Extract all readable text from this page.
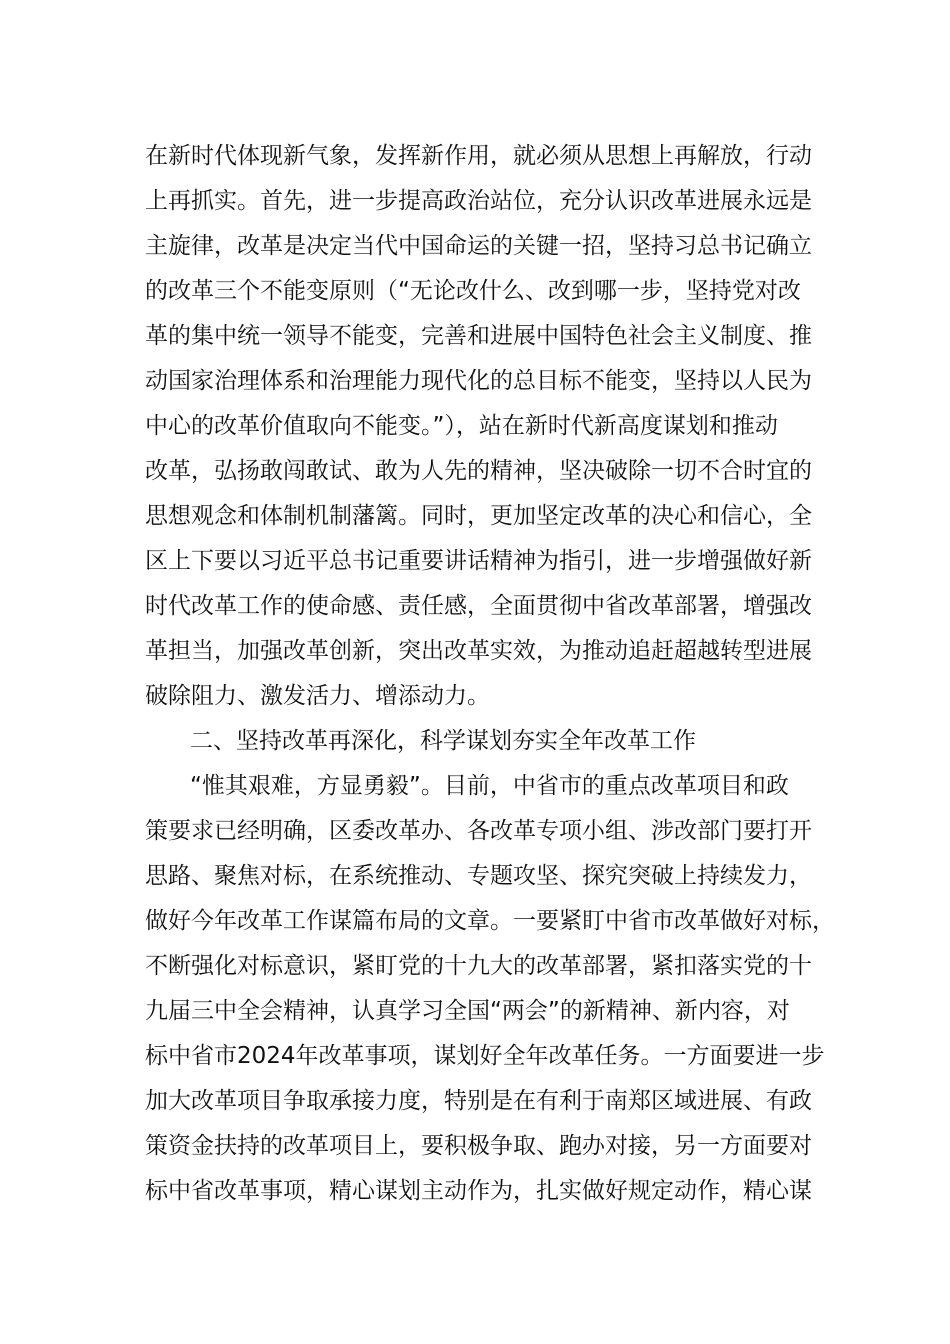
在新时代体现新气象，发挥新作用，就必须从思想上再解放，行动
上再抓实。首先，进一步提高政治站位，充分认识改革进展永远是
主旋律，改革是决定当代中国命运的关键一招，坚持习总书记确立
的改革三个不能变原则（“无论改什么、改到哪一步，坚持党对改
革的集中统一领导不能变，完善和进展中国特色社会主义制度、推
动国家治理体系和治理能力现代化的总目标不能变，坚持以人民为
中心的改革价值取向不能变。”），站在新时代新高度谋划和推动
改革，弘扬敢闯敢试、敢为人先的精神，坚决破除一切不合时宜的
思想观念和体制机制藩篱。同时，更加坚定改革的决心和信心，全
区上下要以习近平总书记重要讲话精神为指引，进一步增强做好新
时代改革工作的使命感、责任感，全面贯彻中省改革部署，增强改
革担当，加强改革创新，突出改革实效，为推动追赶超越转型进展
破除阻力、激发活力、增添动力。
二、坚持改革再深化，科学谋划夯实全年改革工作
“惟其艰难，方显勇毅”。目前，中省市的重点改革项目和政
策要求已经明确，区委改革办、各改革专项小组、涉改部门要打开
思路、聚焦对标，在系统推动、专题攻坚、探究突破上持续发力，
做好今年改革工作谋篇布局的文章。一要紧盯中省市改革做好对标，
不断强化对标意识，紧盯党的十九大的改革部署，紧扣落实党的十
九届三中全会精神，认真学习全国“两会”的新精神、新内容，对
标中省市2024年改革事项，谋划好全年改革任务。一方面要进一步
加大改革项目争取承接力度，特别是在有利于南郑区域进展、有政
策资金扶持的改革项目上，要积极争取、跑办对接，另一方面要对
标中省改革事项，精心谋划主动作为，扎实做好规定动作，精心谋
